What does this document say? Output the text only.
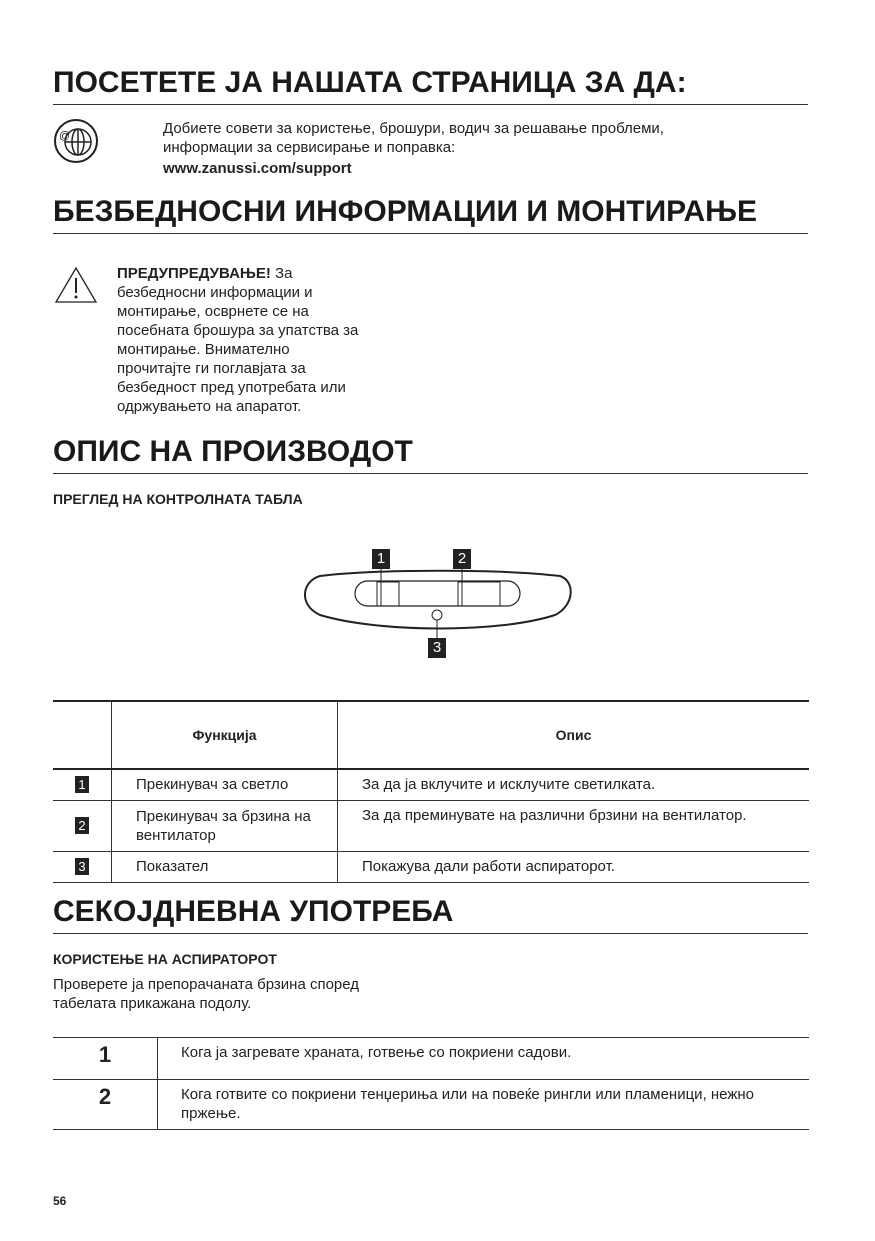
ПОСЕТЕТЕ ЈА НАШАТА СТРАНИЦА ЗА ДА:
@	Добиете совети за користење, брошури, водич за решавање проблеми,
информации за сервисирање и поправка:
www.zanussi.com/support
БЕЗБЕДНОСНИ ИНФОРМАЦИИ И МОНТИРАЊЕ
ПРЕДУПРЕДУВАЊЕ! За
безбедносни информации и
монтирање, осврнете се на
посебната брошура за упатства за
монтирање. Внимателно
прочитајте ги поглавјата за
безбедност пред употребата или
одржувањето на апаратот.
ОПИС НА ПРОИЗВОДОТ
ПРЕГЛЕД НА КОНТРОЛНАТА ТАБЛА
1	2
3
	Функција	Опис
1	Прекинувач за светло	За да ја вклучите и исклучите светилката.
2	Прекинувач за брзина на вентилатор	За да преминувате на различни брзини на вентилатор.
3	Показател	Покажува дали работи аспираторот.
СЕКОЈДНЕВНА УПОТРЕБА
КОРИСТЕЊЕ НА АСПИРАТОРОТ
Проверете ја препорачаната брзина според
табелата прикажана подолу.
1	Кога ја загревате храната, готвење со покриени садови.
2	Кога готвите со покриени тенџериња или на повеќе рингли или пламеници, нежно пржење.
56
